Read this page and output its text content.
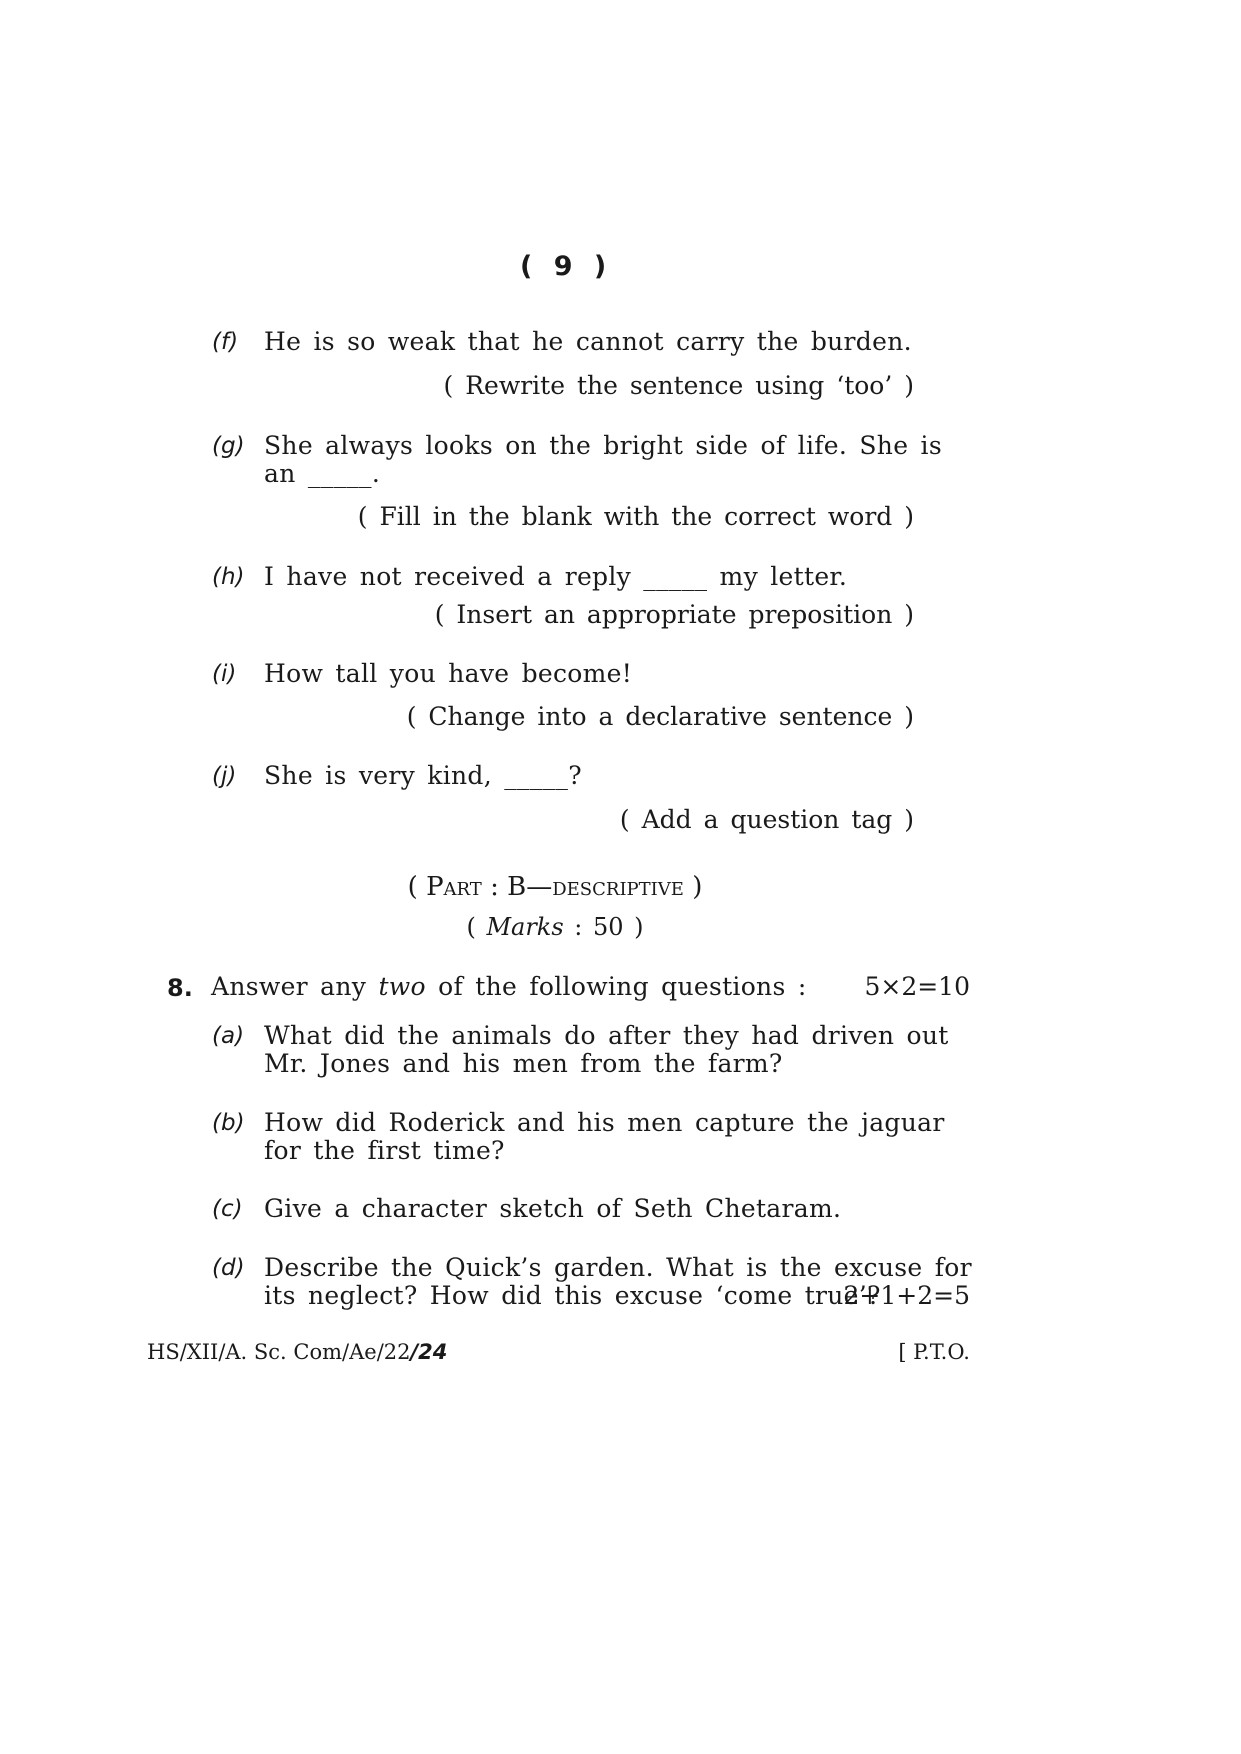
( 9 )
(f) He is so weak that he cannot carry the burden.
( Rewrite the sentence using ‘too’ )
(g) She always looks on the bright side of life. She is
an _____.
( Fill in the blank with the correct word )
(h) I have not received a reply _____ my letter.
( Insert an appropriate preposition )
(i) How tall you have become!
( Change into a declarative sentence )
(j) She is very kind, _____?
( Add a question tag )
( Part : B—descriptive )
( Marks : 50 )
8. Answer any two of the following questions : 5×2=10
(a) What did the animals do after they had driven out
Mr. Jones and his men from the farm?
(b) How did Roderick and his men capture the jaguar
for the first time?
(c) Give a character sketch of Seth Chetaram.
(d) Describe the Quick’s garden. What is the excuse for
its neglect? How did this excuse ‘come true’?
2+1+2=5
HS/XII/A. Sc. Com/Ae/22/24	[ P.T.O.
